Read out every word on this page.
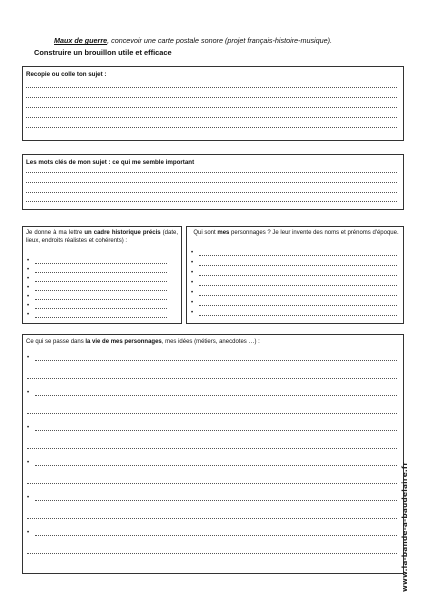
Maux de guerre, concevoir une carte postale sonore (projet français-histoire-musique).
Construire un brouillon utile et efficace
Recopie ou colle ton sujet :
Les mots clés de mon sujet : ce qui me semble important
Je donne à ma lettre un cadre historique précis (date, lieux, endroits réalistes et cohérents) :
•
•
•
•
•
•
•
Qui sont mes personnages ? Je leur invente des noms et prénoms d'époque.
•
•
•
•
•
•
•
Ce qui se passe dans la vie de mes personnages, mes idées (métiers, anecdotes …) :
•
•
•
•
•
•	www.la-bande-a-baudelaire.fr
